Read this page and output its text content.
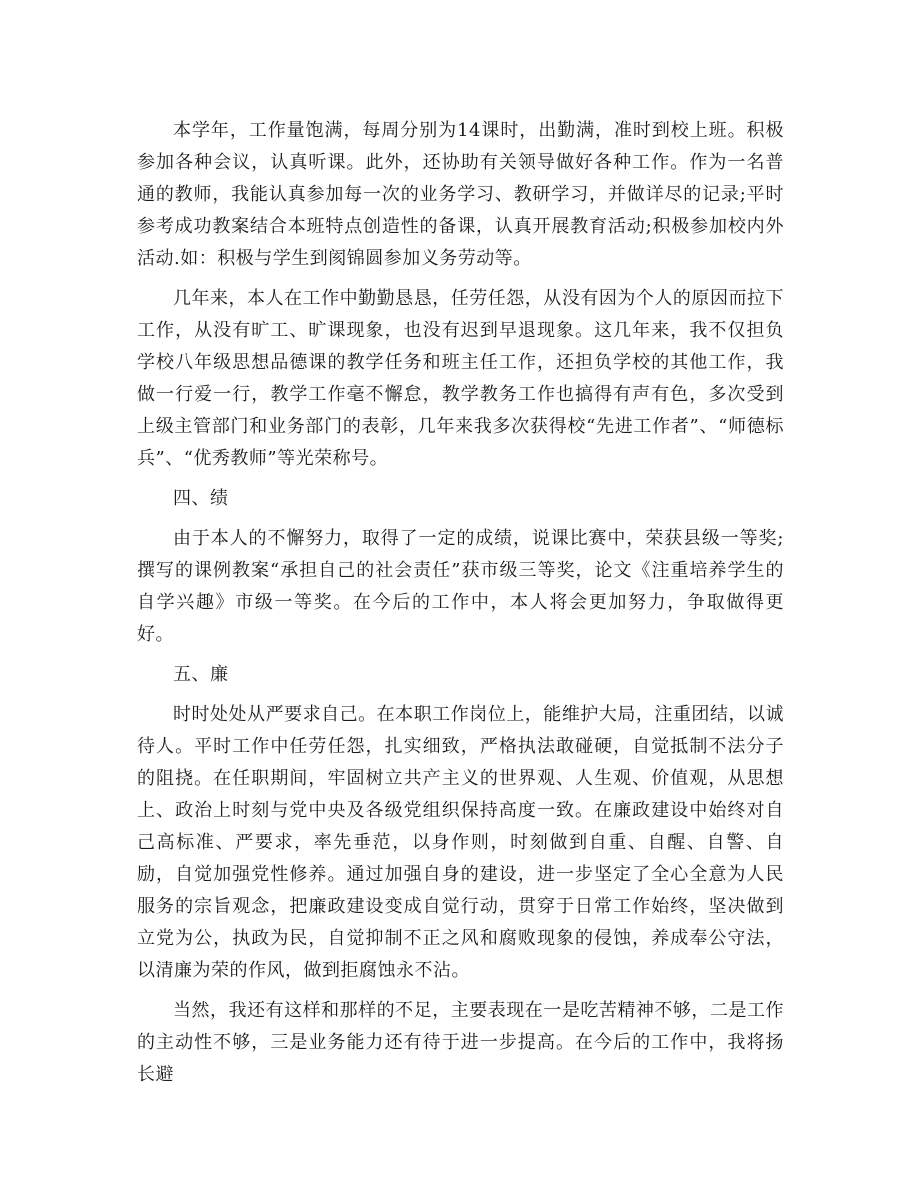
本学年，工作量饱满，每周分别为14课时，出勤满，准时到校上班。积极参加各种会议，认真听课。此外，还协助有关领导做好各种工作。作为一名普通的教师，我能认真参加每一次的业务学习、教研学习，并做详尽的记录;平时参考成功教案结合本班特点创造性的备课，认真开展教育活动;积极参加校内外活动.如：积极与学生到阂锦圆参加义务劳动等。

几年来，本人在工作中勤勤恳恳，任劳任怨，从没有因为个人的原因而拉下工作，从没有旷工、旷课现象，也没有迟到早退现象。这几年来，我不仅担负学校八年级思想品德课的教学任务和班主任工作，还担负学校的其他工作，我做一行爱一行，教学工作毫不懈怠，教学教务工作也搞得有声有色，多次受到上级主管部门和业务部门的表彰，几年来我多次获得校“先进工作者”、“师德标兵”、“优秀教师”等光荣称号。

四、绩

由于本人的不懈努力，取得了一定的成绩，说课比赛中，荣获县级一等奖;撰写的课例教案“承担自己的社会责任”获市级三等奖，论文《注重培养学生的自学兴趣》市级一等奖。在今后的工作中，本人将会更加努力，争取做得更好。

五、廉

时时处处从严要求自己。在本职工作岗位上，能维护大局，注重团结，以诚待人。平时工作中任劳任怨，扎实细致，严格执法敢碰硬，自觉抵制不法分子的阻挠。在任职期间，牢固树立共产主义的世界观、人生观、价值观，从思想上、政治上时刻与党中央及各级党组织保持高度一致。在廉政建设中始终对自己高标准、严要求，率先垂范，以身作则，时刻做到自重、自醒、自警、自励，自觉加强党性修养。通过加强自身的建设，进一步坚定了全心全意为人民服务的宗旨观念，把廉政建设变成自觉行动，贯穿于日常工作始终，坚决做到立党为公，执政为民，自觉抑制不正之风和腐败现象的侵蚀，养成奉公守法，以清廉为荣的作风，做到拒腐蚀永不沾。

当然，我还有这样和那样的不足，主要表现在一是吃苦精神不够，二是工作的主动性不够，三是业务能力还有待于进一步提高。在今后的工作中，我将扬长避
